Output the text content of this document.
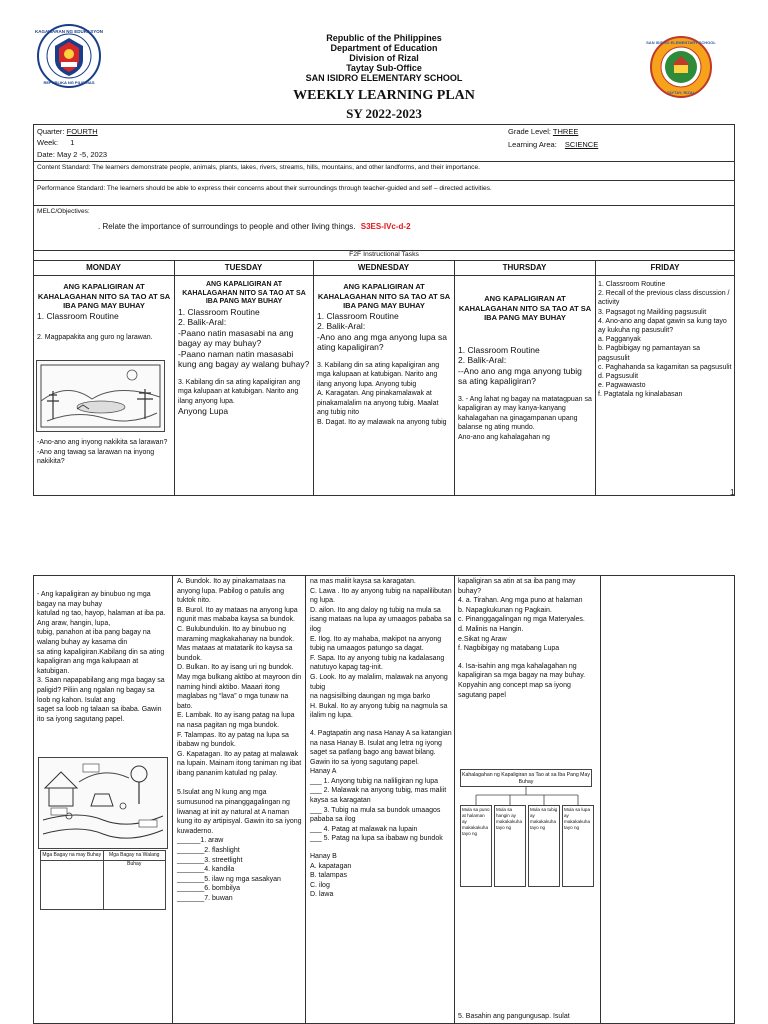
KAGAWARAN NG EDUKASYON
REPUBLIKA NG PILIPINAS
SAN ISIDRO ELEMENTARY SCHOOL
TAYTAY, RIZAL
Republic of the Philippines
Department of Education
Division of Rizal
Taytay Sub-Office
SAN ISIDRO ELEMENTARY SCHOOL
WEEKLY LEARNING PLAN
SY 2022-2023
Quarter: FOURTH
Week: 1
Date: May 2 -5, 2023
Grade Level: THREE
Learning Area: SCIENCE
Content Standard: The learners demonstrate people, animals, plants, lakes, rivers, streams, hills, mountains, and other landforms, and their importance.
Performance Standard: The learners should be able to express their concerns about their surroundings through teacher-guided and self – directed activities.
MELC/Objectives:
. Relate the importance of surroundings to people and other living things. S3ES-IVc-d-2
F2F Instructional Tasks
MONDAY	TUESDAY	WEDNESDAY	THURSDAY	FRIDAY

ANG KAPALIGIRAN AT KAHALAGAHAN NITO SA TAO AT SA IBA PANG MAY BUHAY

1. Classroom Routine

2. Magpapakita ang guro ng larawan.

-Ano-ano ang inyong nakikita sa larawan?

-Ano ang tawag sa larawan na inyong nakikita?

ANG KAPALIGIRAN AT KAHALAGAHAN NITO SA TAO AT SA IBA PANG MAY BUHAY

1. Classroom Routine

2. Balik-Aral:

-Paano natin masasabi na ang bagay ay may buhay?

-Paano naman natin masasabi kung ang bagay ay walang buhay?

3. Kabilang din sa ating kapaligiran ang mga kalupaan at katubigan. Narito ang ilang anyong lupa.

Anyong Lupa

ANG KAPALIGIRAN AT KAHALAGAHAN NITO SA TAO AT SA IBA PANG MAY BUHAY

1. Classroom Routine

2. Balik-Aral:

-Ano ano ang mga anyong lupa sa ating kapaligiran?

3. Kabilang din sa ating kapaligiran ang mga kalupaan at katubigan. Narito ang ilang anyong lupa. Anyong tubig

A. Karagatan. Ang pinakamalawak at pinakamalalim na anyong tubig. Maalat ang tubig nito

B. Dagat. Ito ay malawak na anyong tubig

ANG KAPALIGIRAN AT KAHALAGAHAN NITO SA TAO AT SA IBA PANG MAY BUHAY

1. Classroom Routine

2. Balik-Aral:

--Ano ano ang mga anyong tubig sa ating kapaligiran?

3. - Ang lahat ng bagay na matatagpuan sa kapaligiran ay may kanya-kanyang kahalagahan na ginagampanan upang balanse ng ating mundo.

Ano-ano ang kahalagahan ng

1. Classroom Routine

2. Recall of the previous class discussion / activity

3. Pagsagot ng Maikling pagsusulit

4. Ano-ano ang dapat gawin sa kung tayo ay kukuha ng pasusulit?

a. Pagganyak

b. Pagbibigay ng pamantayan sa pagsusulit

c. Paghahanda sa kagamitan sa pagsusulit

d. Pagsusulit

e. Pagwawasto

f. Pagtatala ng kinalabasan

1

- Ang kapaligiran ay binubuo ng mga bagay na may buhay

katulad ng tao, hayop, halaman at iba pa. Ang araw, hangin, lupa,

tubig, panahon at iba pang bagay na walang buhay ay kasama din

sa ating kapaligiran.Kabilang din sa ating kapaligiran ang mga kalupaan at katubigan.

3. Saan napapabilang ang mga bagay sa paligid? Piliin ang ngalan ng bagay sa loob ng kahon. Isulat ang

saget sa loob ng talaan sa ibaba. Gawin ito sa iyong sagutang papel.

Mga Bagay na may Buhay	Mga Bagay na Walang Buhay

A. Bundok. Ito ay pinakamataas na anyong lupa. Pabilog o patulis ang tuktok nito.

B. Burol. Ito ay mataas na anyong lupa ngunit mas mababa kaysa sa bundok.

C. Bulubundukin. Ito ay binubuo ng maraming magkakahanay na bundok. Mas mataas at matatarik ito kaysa sa bundok.

D. Bulkan. Ito ay isang uri ng bundok. May mga bulkang aktibo at mayroon din naming hindi aktibo. Maaari itong maglabas ng “lava” o mga tunaw na bato.

E. Lambak. Ito ay isang patag na lupa na nasa pagitan ng mga bundok.

F. Talampas. Ito ay patag na lupa sa ibabaw ng bundok.

G. Kapatagan. Ito ay patag at malawak na lupain. Mainam itong taniman ng ibat ibang pananim katulad ng palay.

5.Isulat ang N kung ang mga sumusunod na pinanggagalingan ng liwanag at init ay natural at A naman kung ito ay artipisyal. Gawin ito sa iyong kuwaderno.

______1. araw

_______2. flashlight

_______3. streetlight

_______4. kandila

_______5. ilaw ng mga sasakyan

_______6. bombilya

_______7. buwan

na mas maliit kaysa sa karagatan.

C. Lawa . Ito ay anyong tubig na napalilibutan ng lupa.

D. ailon. Ito ang daloy ng tubig na mula sa isang mataas na lupa ay umaagos pababa sa ilog

E. Ilog. Ito ay mahaba, makipot na anyong tubig na umaagos patungo sa dagat.

F. Sapa. Ito ay anyong tubig na kadalasang natutuyo kapag tag-init.

G. Look. Ito ay malalim, malawak na anyong tubig

na nagsisilbing daungan ng mga barko

H. Bukal. Ito ay anyong tubig na nagmula sa ilalim ng lupa.

4. Pagtapatin ang nasa Hanay A sa katangian na nasa Hanay B. Isulat ang letra ng iyong saget sa patlang bago ang bawat bilang. Gawin ito sa iyong sagutang papel.

Hanay A

___ 1. Anyong tubig na naliligiran ng lupa

___ 2. Malawak na anyong tubig, mas maliit kaysa sa karagatan

___ 3. Tubig na mula sa bundok umaagos pababa sa ilog

___ 4. Patag at malawak na lupain

___ 5. Patag na lupa sa ibabaw ng bundok

Hanay B

A. kapatagan

B. talampas

C. ilog

D. lawa

kapaligiran sa atin at sa iba pang may buhay?

4. a. Tirahan. Ang mga puno at halaman

b. Napagkukunan ng Pagkain.

c. Pinanggagalingan ng mga Materyales.

d. Malinis na Hangin.

e.Sikat ng Araw

f. Nagbibigay ng matabang Lupa

4. Isa-isahin ang mga kahalagahan ng kapaligiran sa mga bagay na may buhay. Kopyahin ang concept map sa iyong sagutang papel

Kahalagahan ng Kapaligiran sa Tao at sa Iba Pang May Buhay
Mula sa puno at halaman ay makakakuha tayo ng
Mula sa hangin ay makakakuha tayo ng
Mula sa tubig ay makakakuha tayo ng
Mula sa lupa ay makakakuha tayo ng
5. Basahin ang pangungusap. Isulat
